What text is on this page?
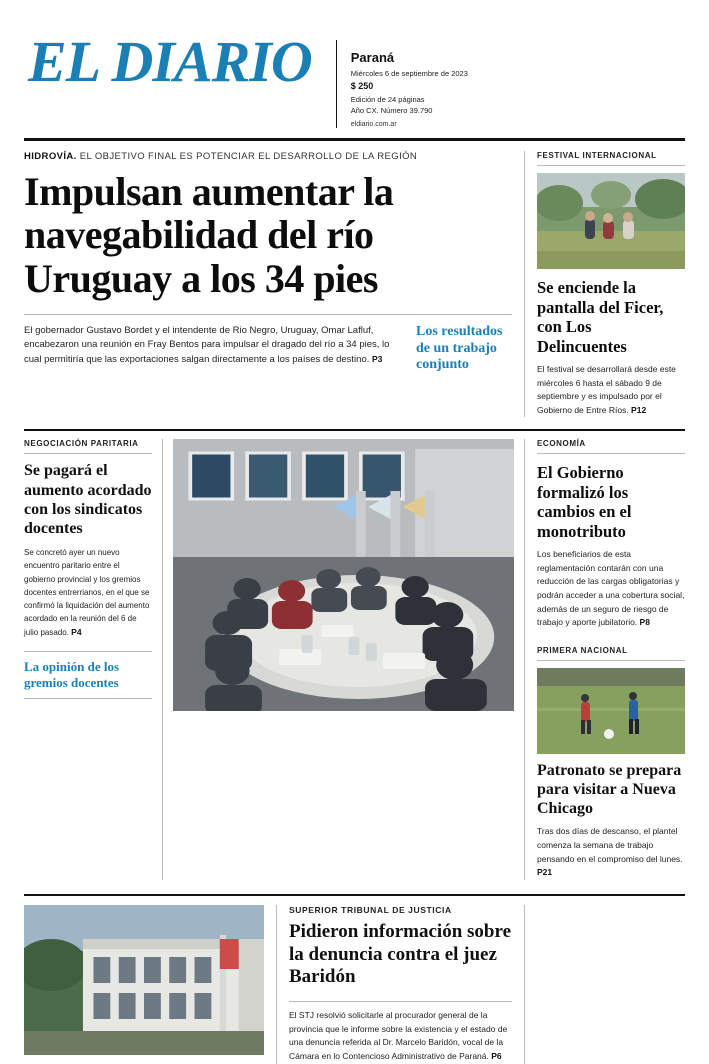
EL DIARIO	Paraná
Miércoles 6 de septiembre de 2023
$ 250
Edición de 24 páginas
Año CX. Número 39.790
eldiario.com.ar
HIDROVÍA. EL OBJETIVO FINAL ES POTENCIAR EL DESARROLLO DE LA REGIÓN
Impulsan aumentar la navegabilidad del río Uruguay a los 34 pies
El gobernador Gustavo Bordet y el intendente de Rio Negro, Uruguay, Omar Lafluf, encabezaron una reunión en Fray Bentos para impulsar el dragado del río a 34 pies, lo cual permitiría que las exportaciones salgan directamente a los países de destino. P3
Los resultados de un trabajo conjunto
FESTIVAL INTERNACIONAL
Se enciende la pantalla del Ficer, con Los Delincuentes
El festival se desarrollará desde este miércoles 6 hasta el sábado 9 de septiembre y es impulsado por el Gobierno de Entre Ríos. P12
NEGOCIACIÓN PARITARIA
Se pagará el aumento acordado con los sindicatos docentes
Se concretó ayer un nuevo encuentro paritario entre el gobierno provincial y los gremios docentes entrerrianos, en el que se confirmó la liquidación del aumento acordado en la reunión del 6 de julio pasado. P4
La opinión de los gremios docentes
ECONOMÍA
El Gobierno formalizó los cambios en el monotributo
Los beneficiarios de esta reglamentación contarán con una reducción de las cargas obligatorias y podrán acceder a una cobertura social, además de un seguro de riesgo de trabajo y aporte jubilatorio. P8
PRIMERA NACIONAL
Patronato se prepara para visitar a Nueva Chicago
Tras dos días de descanso, el plantel comenza la semana de trabajo pensando en el compromiso del lunes. P21
SUPERIOR TRIBUNAL DE JUSTICIA
Pidieron información sobre la denuncia contra el juez Baridón
El STJ resolvió solicitarle al procurador general de la provincia que le informe sobre la existencia y el estado de una denuncia referida al Dr. Marcelo Baridón, vocal de la Cámara en lo Contencioso Administrativo de Paraná. P6
